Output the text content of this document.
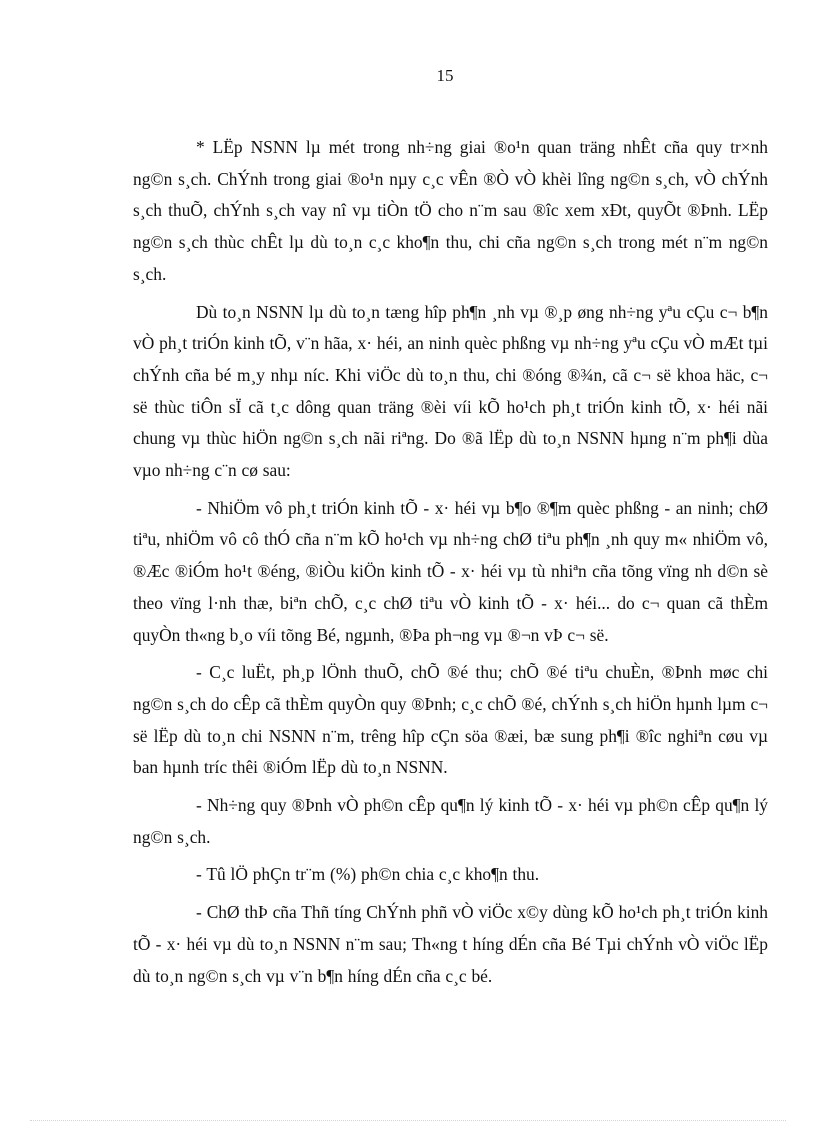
15

* LËp NSNN lµ mét trong nh÷ng giai ®o¹n quan träng nhÊt cña quy tr×nh ng©n s¸ch. ChÝnh trong giai ®o¹n nµy c¸c vÊn ®Ò vÒ khèi lîng ng©n s¸ch, vÒ chÝnh s¸ch thuÕ, chÝnh s¸ch vay nî vµ tiÒn tÖ cho n¨m sau ®îc xem xÐt, quyÕt ®Þnh. LËp ng©n s¸ch thùc chÊt lµ dù to¸n c¸c kho¶n thu, chi cña ng©n s¸ch trong mét n¨m ng©n s¸ch.

Dù to¸n NSNN lµ dù to¸n tæng hîp ph¶n ¸nh vµ ®¸p øng nh÷ng yªu cÇu c¬ b¶n vÒ ph¸t triÓn kinh tÕ, v¨n hãa, x· héi, an ninh quèc phßng vµ nh÷ng yªu cÇu vÒ mÆt tµi chÝnh cña bé m¸y nhµ níc. Khi viÖc dù to¸n thu, chi ®óng ®¾n, cã c¬ së khoa häc, c¬ së thùc tiÔn sÏ cã t¸c dông quan träng ®èi víi kÕ ho¹ch ph¸t triÓn kinh tÕ, x· héi nãi chung vµ thùc hiÖn ng©n s¸ch nãi riªng. Do ®ã lËp dù to¸n NSNN hµng n¨m ph¶i dùa vµo nh÷ng c¨n cø sau:

- NhiÖm vô ph¸t triÓn kinh tÕ - x· héi vµ b¶o ®¶m quèc phßng - an ninh; chØ tiªu, nhiÖm vô cô thÓ cña n¨m kÕ ho¹ch vµ nh÷ng chØ tiªu ph¶n ¸nh quy m« nhiÖm vô, ®Æc ®iÓm ho¹t ®éng, ®iÒu kiÖn kinh tÕ - x· héi vµ tù nhiªn cña tõng vïng nh d©n sè theo vïng l·nh thæ, biªn chÕ, c¸c chØ tiªu vÒ kinh tÕ - x· héi... do c¬ quan cã thÈm quyÒn th«ng b¸o víi tõng Bé, ngµnh, ®Þa ph¬ng vµ ®¬n vÞ c¬ së.

- C¸c luËt, ph¸p lÖnh thuÕ, chÕ ®é thu; chÕ ®é tiªu chuÈn, ®Þnh møc chi ng©n s¸ch do cÊp cã thÈm quyÒn quy ®Þnh; c¸c chÕ ®é, chÝnh s¸ch hiÖn hµnh lµm c¬ së lËp dù to¸n chi NSNN n¨m, trêng hîp cÇn söa ®æi, bæ sung ph¶i ®îc nghiªn cøu vµ ban hµnh tríc thêi ®iÓm lËp dù to¸n NSNN.

- Nh÷ng quy ®Þnh vÒ ph©n cÊp qu¶n lý kinh tÕ - x· héi vµ ph©n cÊp qu¶n lý ng©n s¸ch.

- Tû lÖ phÇn tr¨m (%) ph©n chia c¸c kho¶n thu.

- ChØ thÞ cña Thñ tíng ChÝnh phñ vÒ viÖc x©y dùng kÕ ho¹ch ph¸t triÓn kinh tÕ - x· héi vµ dù to¸n NSNN n¨m sau; Th«ng t híng dÉn cña Bé Tµi chÝnh vÒ viÖc lËp dù to¸n ng©n s¸ch vµ v¨n b¶n híng dÉn cña c¸c bé.
